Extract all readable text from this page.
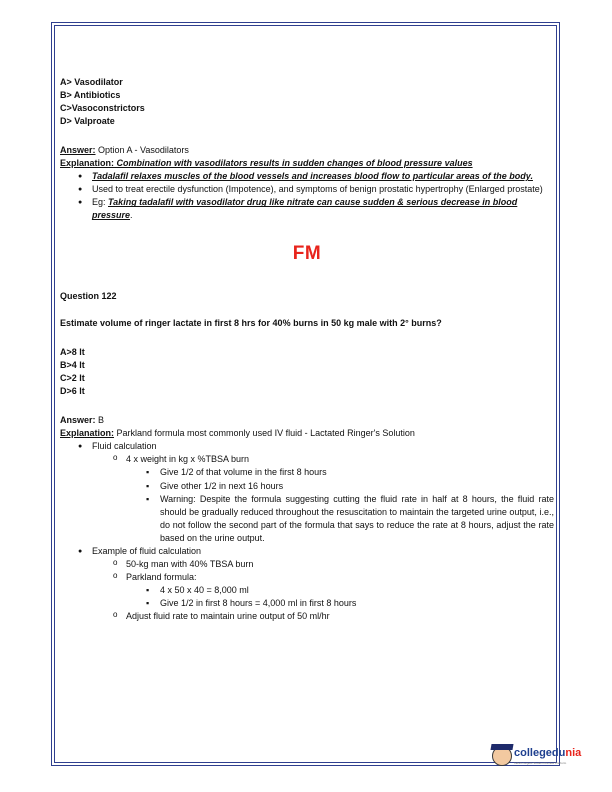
A> Vasodilator

B> Antibiotics

C>Vasoconstrictors

D> Valproate

Answer: Option A - Vasodilators

Explanation: Combination with vasodilators results in sudden changes of blood pressure values

● Tadalafil relaxes muscles of the blood vessels and increases blood flow to particular areas of the body.
● Used to treat erectile dysfunction (Impotence), and symptoms of benign prostatic hypertrophy (Enlarged prostate)
● Eg: Taking tadalafil with vasodilator drug like nitrate can cause sudden & serious decrease in blood pressure.
FM

Question 122

Estimate volume of ringer lactate in first 8 hrs for 40% burns in 50 kg male with 2° burns?

A>8 lt

B>4 lt

C>2 lt

D>6 lt

Answer: B

Explanation: Parkland formula most commonly used IV fluid - Lactated Ringer's Solution

● Fluid calculation
o 4 x weight in kg x %TBSA burn
▪ Give 1/2 of that volume in the first 8 hours
▪ Give other 1/2 in next 16 hours
▪ Warning: Despite the formula suggesting cutting the fluid rate in half at 8 hours, the fluid rate should be gradually reduced throughout the resuscitation to maintain the targeted urine output, i.e., do not follow the second part of the formula that says to reduce the rate at 8 hours, adjust the rate based on the urine output.
● Example of fluid calculation
o 50-kg man with 40% TBSA burn
o Parkland formula:
▪ 4 x 50 x 40 = 8,000 ml
▪ Give 1/2 in first 8 hours = 4,000 ml in first 8 hours
o Adjust fluid rate to maintain urine output of 50 ml/hr
collegedunia
India's largest Student Review Platform
